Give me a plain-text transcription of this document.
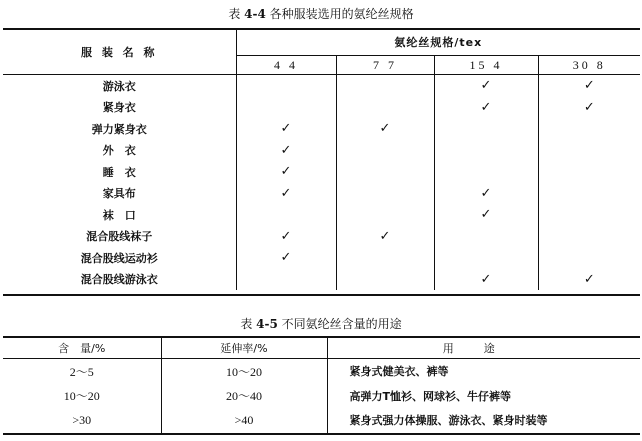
表 4-4 各种服装选用的氨纶丝规格
服 装 名 称	氨纶丝规格/tex			
	4 4	7 7	15 4	30 8
游泳衣			✓	✓
紧身衣			✓	✓
弹力紧身衣	✓	✓		
外　衣	✓			
睡　衣	✓			
家具布	✓		✓	
袜　口			✓	
混合股线袜子	✓	✓		
混合股线运动衫	✓			
混合股线游泳衣			✓	✓
表 4-5 不同氨纶丝含量的用途
含　量/%	延伸率/%	用途
2～5	10～20	紧身式健美衣、裤等
10～20	20～40	高弹力T恤衫、网球衫、牛仔裤等
>30	>40	紧身式强力体操服、游泳衣、紧身时装等
